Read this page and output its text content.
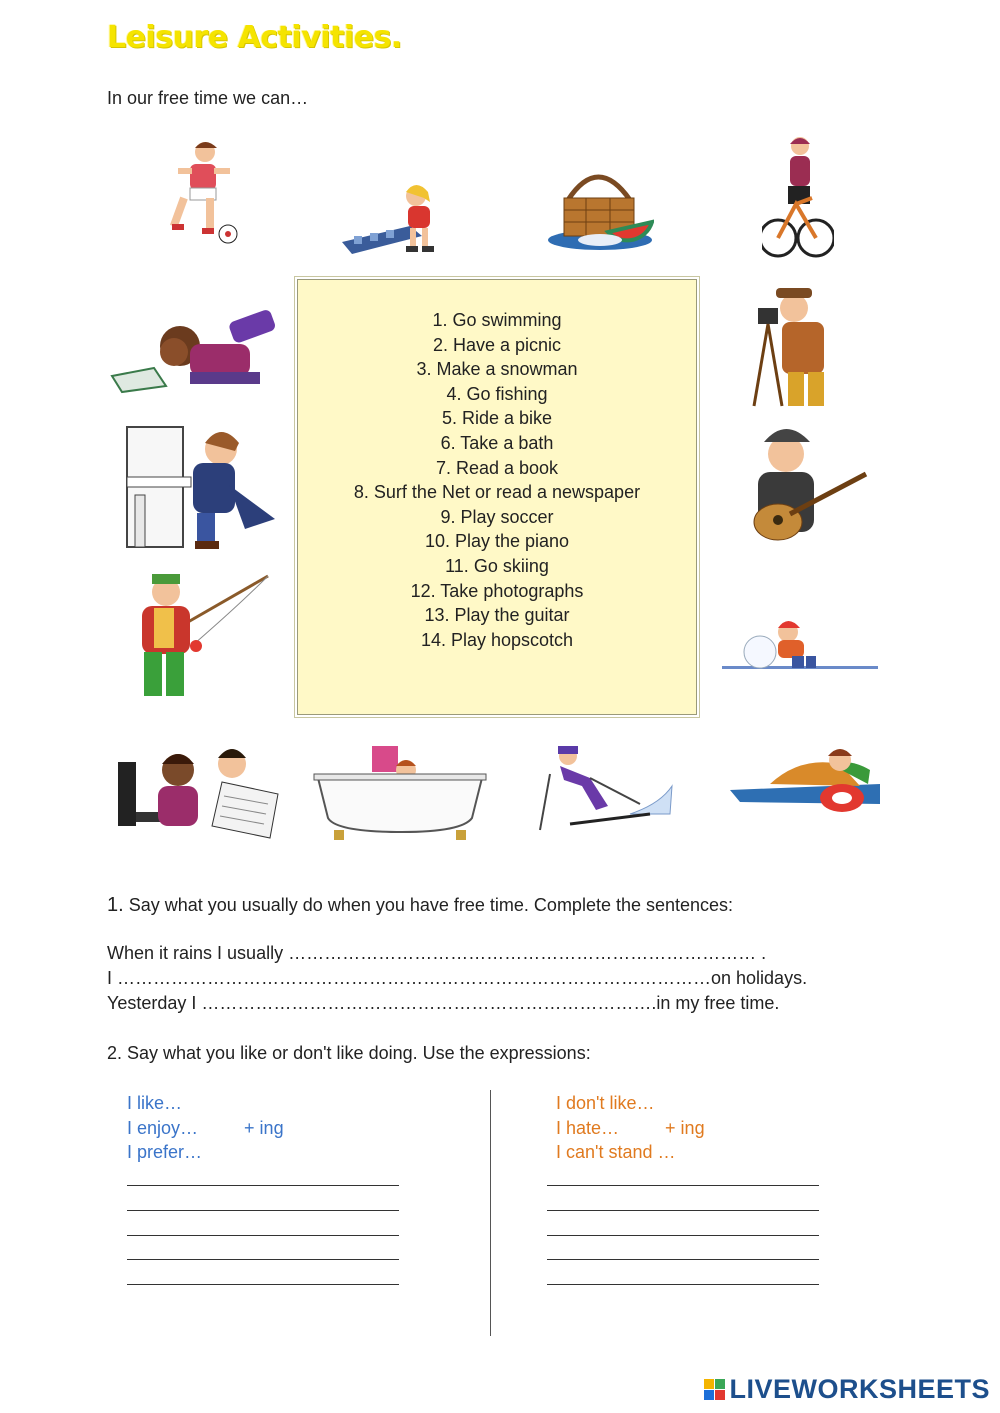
Leisure Activities.
In our free time we can…
1. Go swimming
2. Have a picnic
3. Make a snowman
4. Go fishing
5. Ride a bike
6. Take a bath
7. Read a book
8. Surf the Net or read a newspaper
9. Play soccer
10. Play the piano
11. Go skiing
12. Take photographs
13. Play the guitar
14. Play hopscotch
1. Say what you usually do when you have free time. Complete the sentences:
When it rains I usually …………………………………………………………………… .
I ………………………………………………………………………………………on holidays.
Yesterday I ………………………………………………………………….in my free time.
2. Say what you like or don't like doing. Use the expressions:
I like…
I enjoy…	+ ing
I prefer…
I don't like…
I hate…	+ ing
I can't stand …
LIVEWORKSHEETS
